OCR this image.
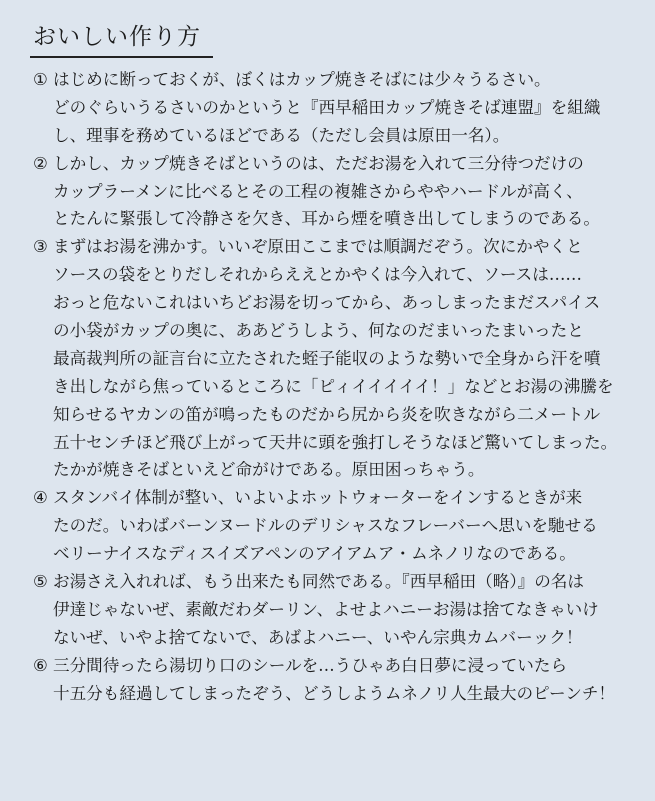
おいしい作り方
① はじめに断っておくが、ぼくはカップ焼きそばには少々うるさい。
どのぐらいうるさいのかというと『西早稲田カップ焼きそば連盟』を組織
し、理事を務めているほどである（ただし会員は原田一名）。
② しかし、カップ焼きそばというのは、ただお湯を入れて三分待つだけの
カップラーメンに比べるとその工程の複雑さからややハードルが高く、
とたんに緊張して冷静さを欠き、耳から煙を噴き出してしまうのである。
③ まずはお湯を沸かす。いいぞ原田ここまでは順調だぞう。次にかやくと
ソースの袋をとりだしそれからええとかやくは今入れて、ソースは……
おっと危ないこれはいちどお湯を切ってから、あっしまったまだスパイス
の小袋がカップの奥に、ああどうしよう、何なのだまいったまいったと
最高裁判所の証言台に立たされた蛭子能収のような勢いで全身から汗を噴
き出しながら焦っているところに「ピィイイイイイ！」などとお湯の沸騰を
知らせるヤカンの笛が鳴ったものだから尻から炎を吹きながら二メートル
五十センチほど飛び上がって天井に頭を強打しそうなほど驚いてしまった。
たかが焼きそばといえど命がけである。原田困っちゃう。
④ スタンバイ体制が整い、いよいよホットウォーターをインするときが来
たのだ。いわばバーンヌードルのデリシャスなフレーバーへ思いを馳せる
ベリーナイスなディスイズアペンのアイアムア・ムネノリなのである。
⑤ お湯さえ入れれば、もう出来たも同然である。『西早稲田（略）』の名は
伊達じゃないぜ、素敵だわダーリン、よせよハニーお湯は捨てなきゃいけ
ないぜ、いやよ捨てないで、あばよハニー、いやん宗典カムバーック！
⑥ 三分間待ったら湯切り口のシールを…うひゃあ白日夢に浸っていたら
十五分も経過してしまったぞう、どうしようムネノリ人生最大のピーンチ！
